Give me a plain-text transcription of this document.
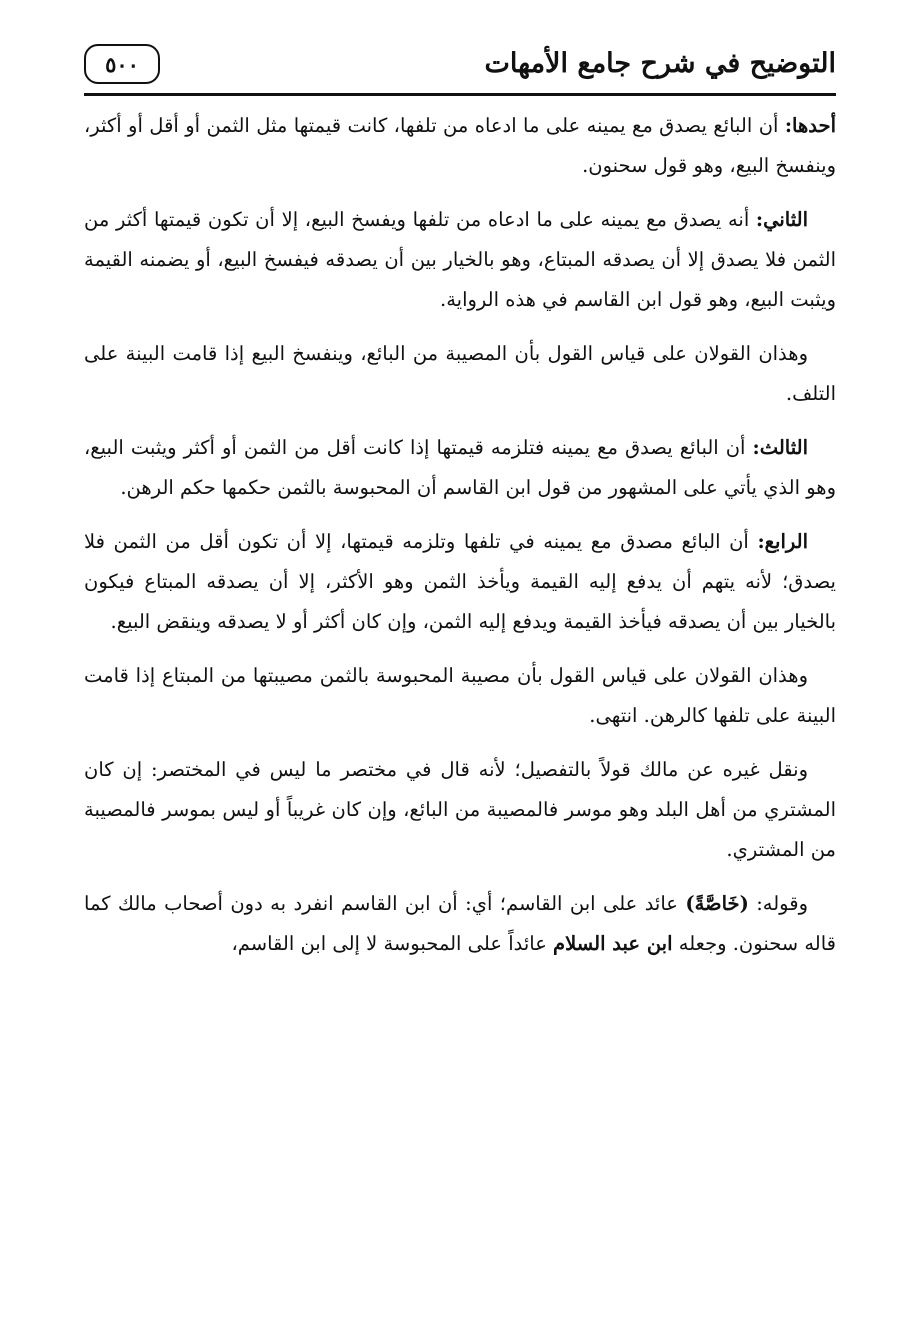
التوضيح في شرح جامع الأمهات
٥٠٠

أحدها: أن البائع يصدق مع يمينه على ما ادعاه من تلفها، كانت قيمتها مثل الثمن أو أقل أو أكثر، وينفسخ البيع، وهو قول سحنون.

الثاني: أنه يصدق مع يمينه على ما ادعاه من تلفها ويفسخ البيع، إلا أن تكون قيمتها أكثر من الثمن فلا يصدق إلا أن يصدقه المبتاع، وهو بالخيار بين أن يصدقه فيفسخ البيع، أو يضمنه القيمة ويثبت البيع، وهو قول ابن القاسم في هذه الرواية.

وهذان القولان على قياس القول بأن المصيبة من البائع، وينفسخ البيع إذا قامت البينة على التلف.

الثالث: أن البائع يصدق مع يمينه فتلزمه قيمتها إذا كانت أقل من الثمن أو أكثر ويثبت البيع، وهو الذي يأتي على المشهور من قول ابن القاسم أن المحبوسة بالثمن حكمها حكم الرهن.

الرابع: أن البائع مصدق مع يمينه في تلفها وتلزمه قيمتها، إلا أن تكون أقل من الثمن فلا يصدق؛ لأنه يتهم أن يدفع إليه القيمة ويأخذ الثمن وهو الأكثر، إلا أن يصدقه المبتاع فيكون بالخيار بين أن يصدقه فيأخذ القيمة ويدفع إليه الثمن، وإن كان أكثر أو لا يصدقه وينقض البيع.

وهذان القولان على قياس القول بأن مصيبة المحبوسة بالثمن مصيبتها من المبتاع إذا قامت البينة على تلفها كالرهن. انتهى.

ونقل غيره عن مالك قولاً بالتفصيل؛ لأنه قال في مختصر ما ليس في المختصر: إن كان المشتري من أهل البلد وهو موسر فالمصيبة من البائع، وإن كان غريباً أو ليس بموسر فالمصيبة من المشتري.

وقوله: (خَاصَّةً) عائد على ابن القاسم؛ أي: أن ابن القاسم انفرد به دون أصحاب مالك كما قاله سحنون. وجعله ابن عبد السلام عائداً على المحبوسة لا إلى ابن القاسم،
